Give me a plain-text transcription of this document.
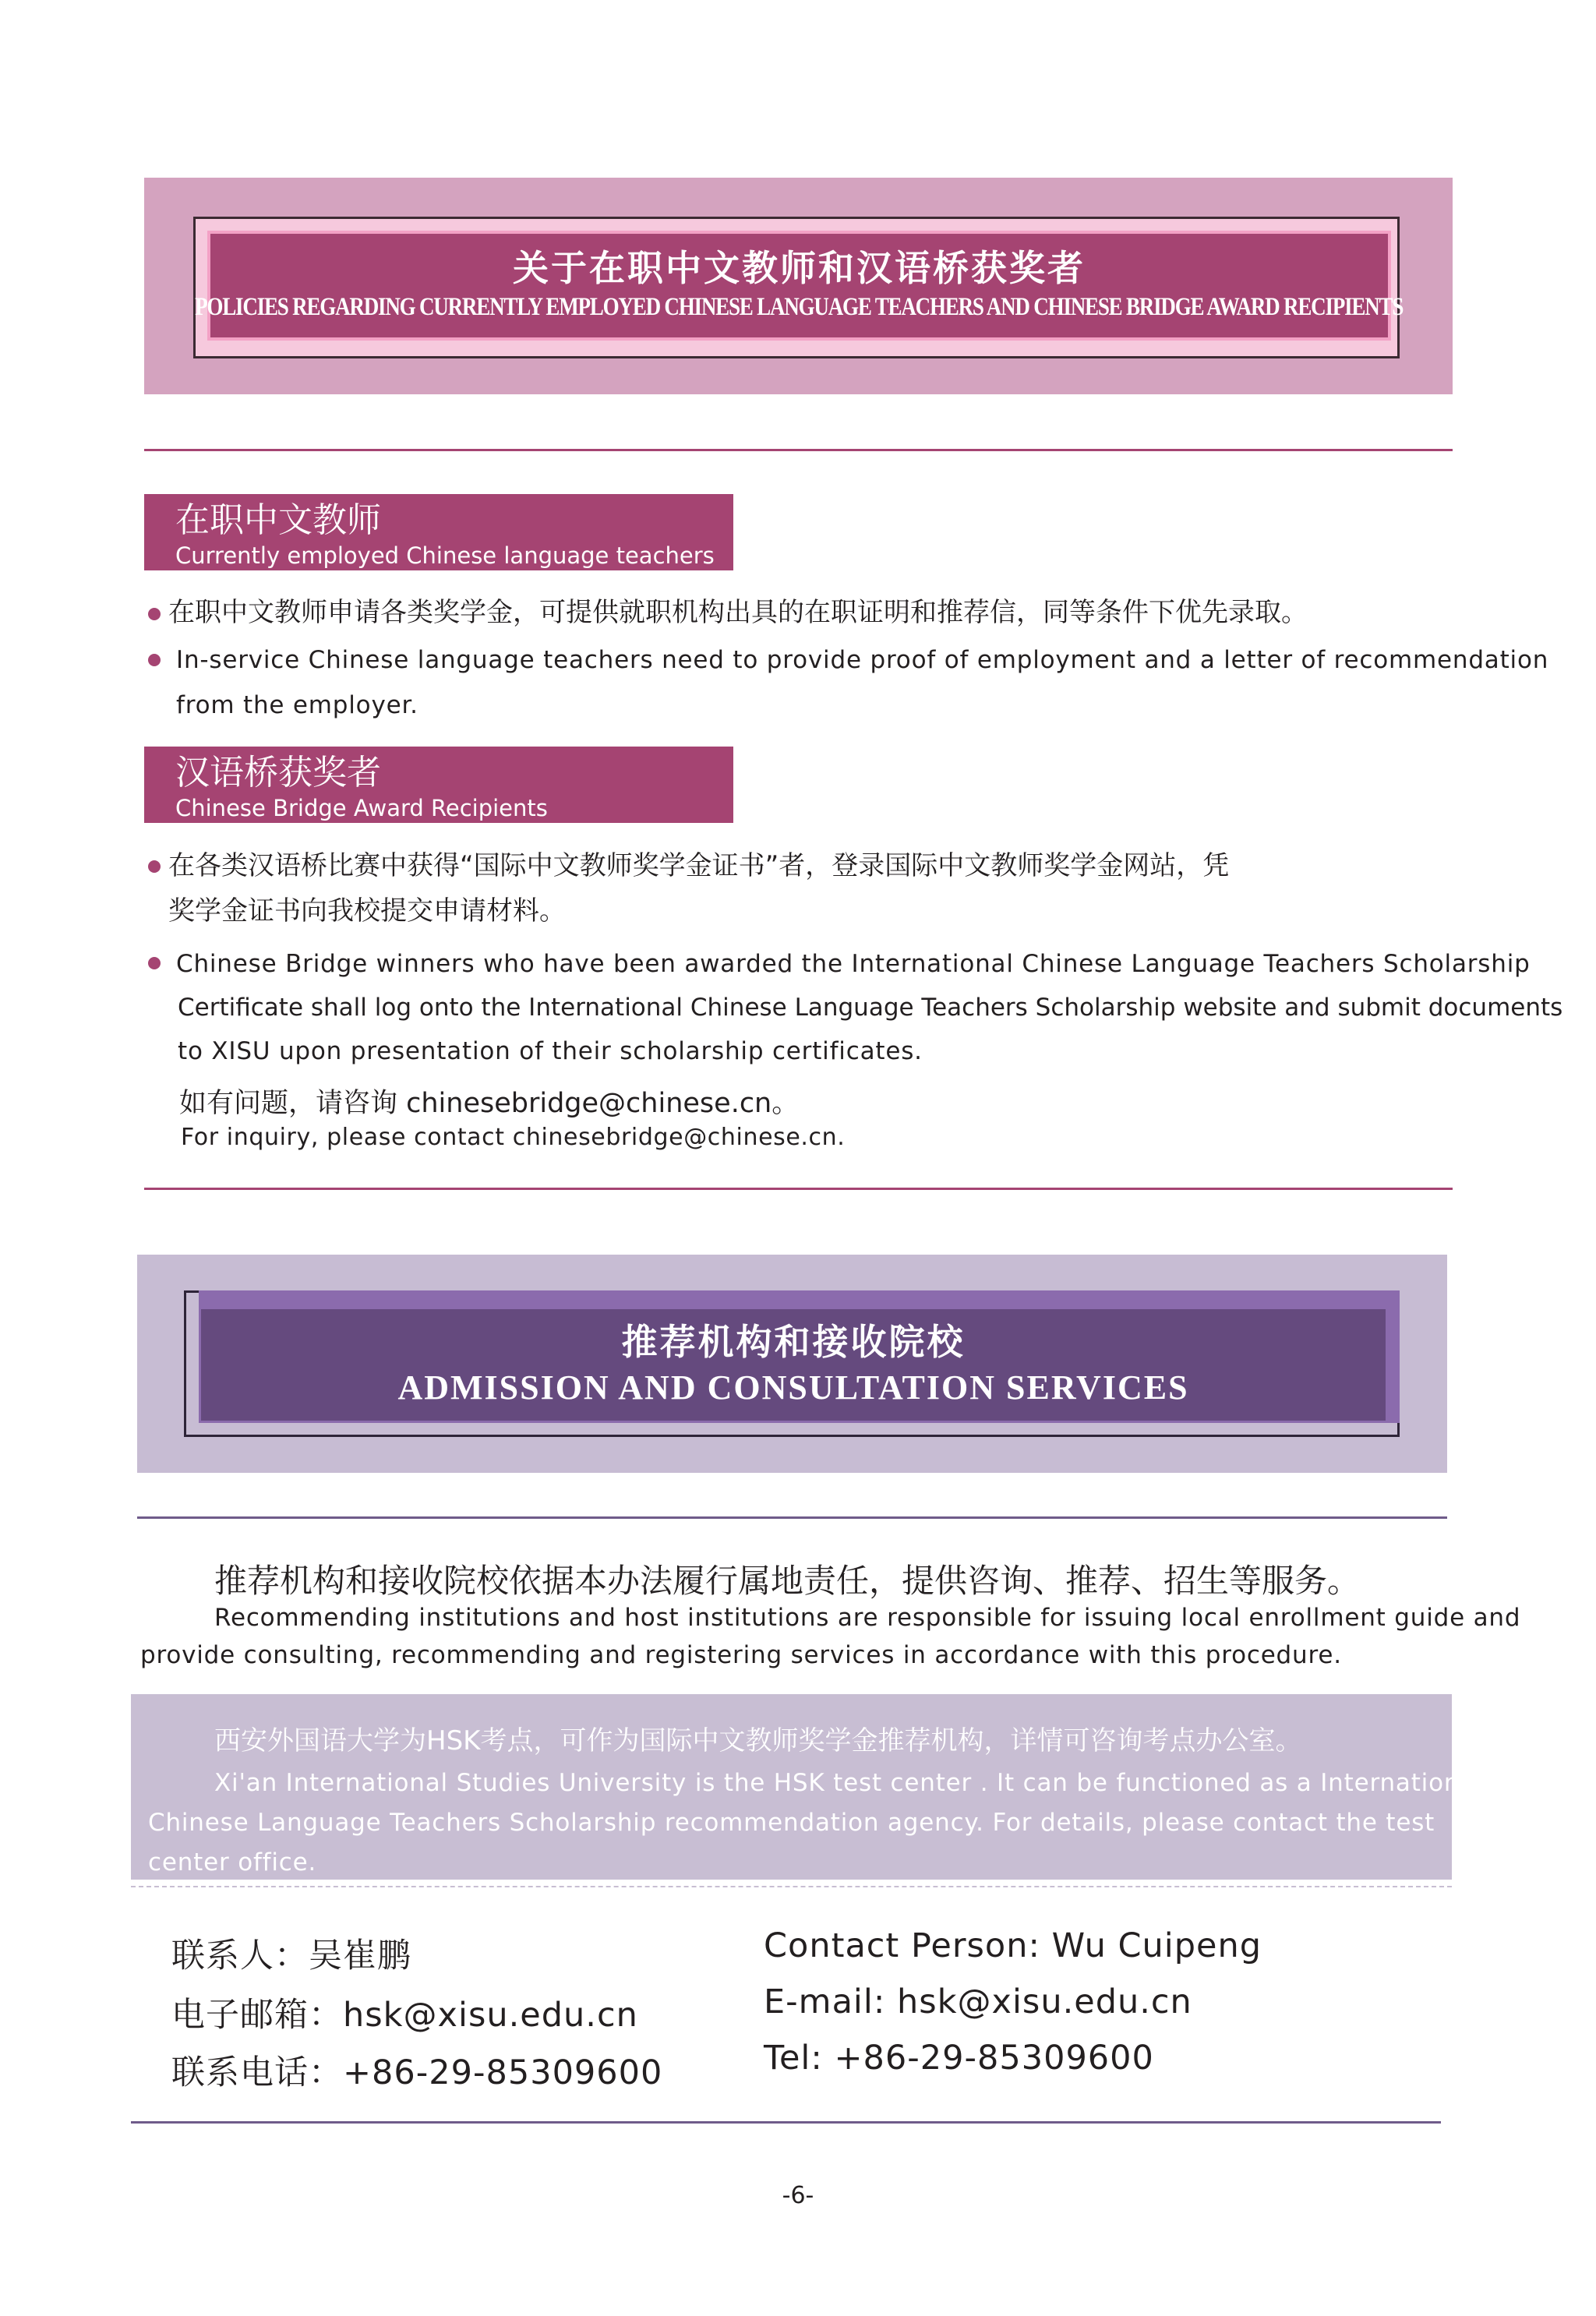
关于在职中文教师和汉语桥获奖者
POLICIES REGARDING CURRENTLY EMPLOYED CHINESE LANGUAGE TEACHERS AND CHINESE BRIDGE AWARD RECIPIENTS
在职中文教师
Currently employed Chinese language teachers
在职中文教师申请各类奖学金，可提供就职机构出具的在职证明和推荐信，同等条件下优先录取。
In-service Chinese language teachers need to provide proof of employment and a letter of recommendation
from the employer.
汉语桥获奖者
Chinese Bridge Award Recipients
在各类汉语桥比赛中获得“国际中文教师奖学金证书”者，登录国际中文教师奖学金网站，凭
奖学金证书向我校提交申请材料。
Chinese Bridge winners who have been awarded the International Chinese Language Teachers Scholarship
Certificate shall log onto the International Chinese Language Teachers Scholarship website and submit documents
to XISU upon presentation of their scholarship certificates.
如有问题，请咨询 chinesebridge@chinese.cn。
For inquiry, please contact chinesebridge@chinese.cn.
推荐机构和接收院校
ADMISSION AND CONSULTATION SERVICES
推荐机构和接收院校依据本办法履行属地责任，提供咨询、推荐、招生等服务。
Recommending institutions and host institutions are responsible for issuing local enrollment guide and
provide consulting, recommending and registering services in accordance with this procedure.
西安外国语大学为HSK考点，可作为国际中文教师奖学金推荐机构，详情可咨询考点办公室。
Xi'an International Studies University is the HSK test center . It can be functioned as a International
Chinese Language Teachers Scholarship recommendation agency. For details, please contact the test
center office.
联系人：吴崔鹏
电子邮箱：hsk@xisu.edu.cn
联系电话：+86-29-85309600
Contact Person: Wu Cuipeng
E-mail: hsk@xisu.edu.cn
Tel: +86-29-85309600
-6-
